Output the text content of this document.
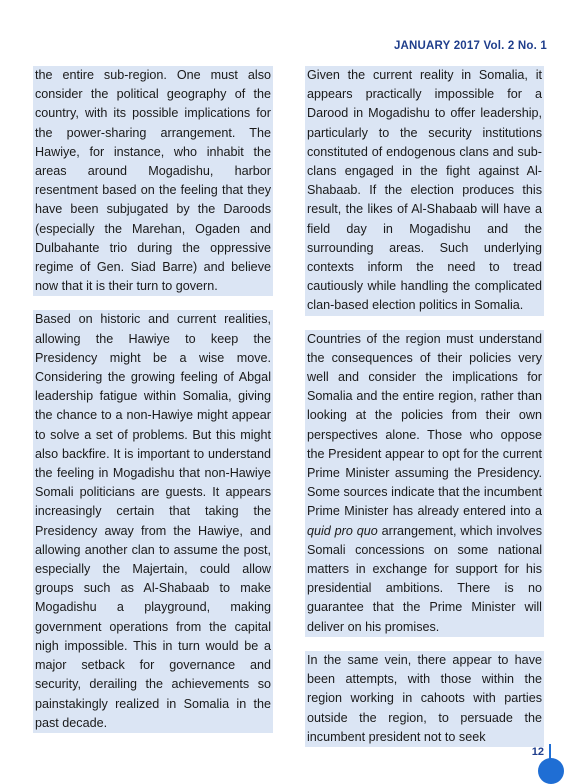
JANUARY 2017 Vol. 2 No. 1

the entire sub-region. One must also consider the political geography of the country, with its possible implications for the power-sharing arrangement. The Hawiye, for instance, who inhabit the areas around Mogadishu, harbor resentment based on the feeling that they have been subjugated by the Daroods (especially the Marehan, Ogaden and Dulbahante trio during the oppressive regime of Gen. Siad Barre) and believe now that it is their turn to govern.

Based on historic and current realities, allowing the Hawiye to keep the Presidency might be a wise move. Considering the growing feeling of Abgal leadership fatigue within Somalia, giving the chance to a non-Hawiye might appear to solve a set of problems. But this might also backfire. It is important to understand the feeling in Mogadishu that non-Hawiye Somali politicians are guests. It appears increasingly certain that taking the Presidency away from the Hawiye, and allowing another clan to assume the post, especially the Majertain, could allow groups such as Al-Shabaab to make Mogadishu a playground, making government operations from the capital nigh impossible. This in turn would be a major setback for governance and security, derailing the achievements so painstakingly realized in Somalia in the past decade.

Given the current reality in Somalia, it appears practically impossible for a Darood in Mogadishu to offer leadership, particularly to the security institutions constituted of endogenous clans and sub-clans engaged in the fight against Al-Shabaab. If the election produces this result, the likes of Al-Shabaab will have a field day in Mogadishu and the surrounding areas. Such underlying contexts inform the need to tread cautiously while handling the complicated clan-based election politics in Somalia.

Countries of the region must understand the consequences of their policies very well and consider the implications for Somalia and the entire region, rather than looking at the policies from their own perspectives alone. Those who oppose the President appear to opt for the current Prime Minister assuming the Presidency. Some sources indicate that the incumbent Prime Minister has already entered into a quid pro quo arrangement, which involves Somali concessions on some national matters in exchange for support for his presidential ambitions. There is no guarantee that the Prime Minister will deliver on his promises.

In the same vein, there appear to have been attempts, with those within the region working in cahoots with parties outside the region, to persuade the incumbent president not to seek

12
